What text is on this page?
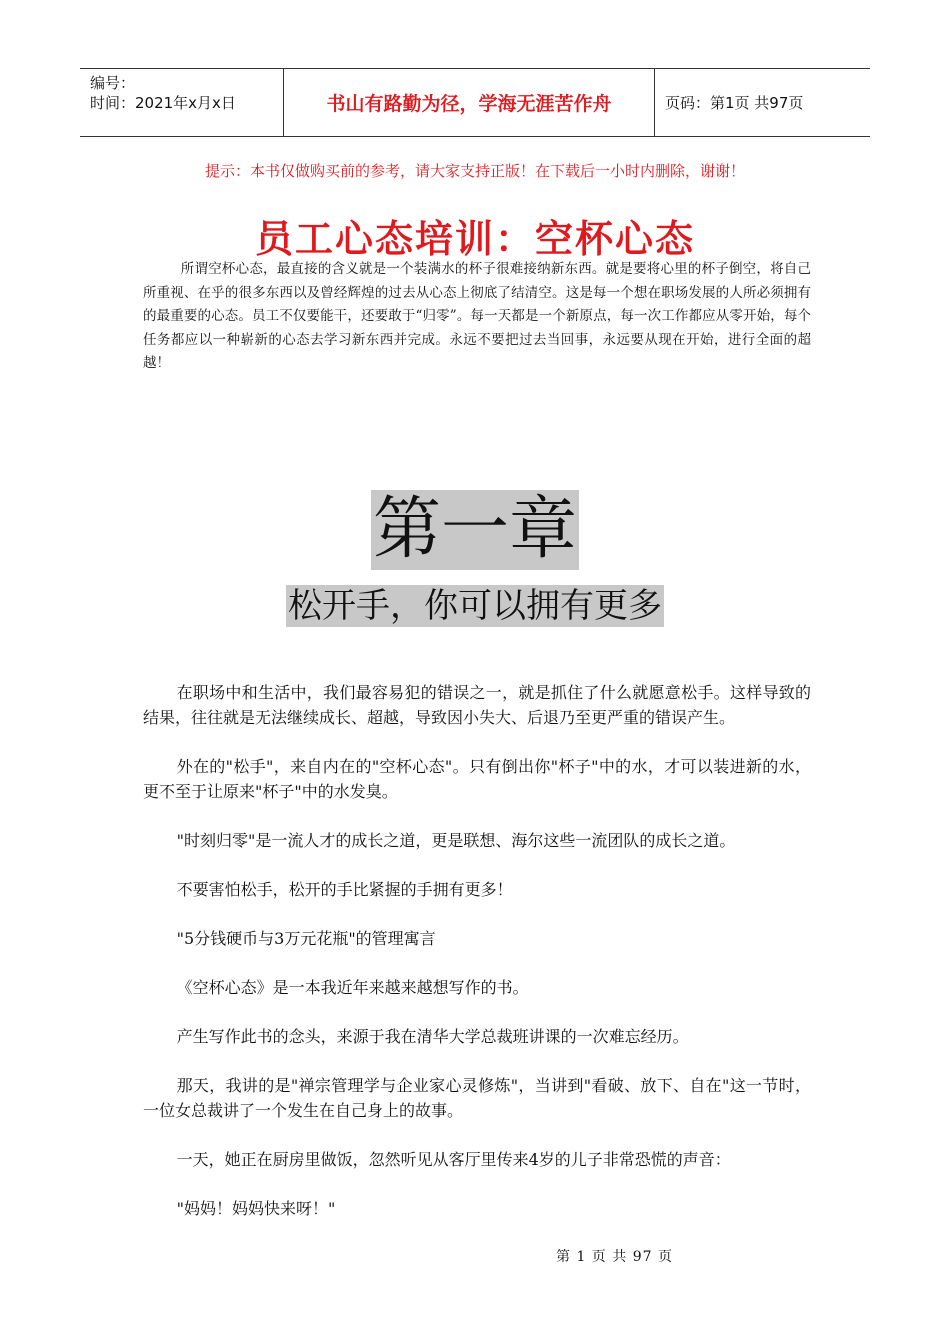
编号：
时间：2021年x月x日	书山有路勤为径，学海无涯苦作舟	页码：第1页 共97页
提示：本书仅做购买前的参考，请大家支持正版！在下载后一小时内删除，谢谢！
员工心态培训：空杯心态
所谓空杯心态，最直接的含义就是一个装满水的杯子很难接纳新东西。就是要将心里的杯子倒空，将自己所重视、在乎的很多东西以及曾经辉煌的过去从心态上彻底了结清空。这是每一个想在职场发展的人所必须拥有的最重要的心态。员工不仅要能干，还要敢于“归零”。每一天都是一个新原点，每一次工作都应从零开始，每个任务都应以一种崭新的心态去学习新东西并完成。永远不要把过去当回事，永远要从现在开始，进行全面的超越！
第一章
松开手，你可以拥有更多

在职场中和生活中，我们最容易犯的错误之一，就是抓住了什么就愿意松手。这样导致的结果，往往就是无法继续成长、超越，导致因小失大、后退乃至更严重的错误产生。

外在的"松手"，来自内在的"空杯心态"。只有倒出你"杯子"中的水，才可以装进新的水，更不至于让原来"杯子"中的水发臭。

"时刻归零"是一流人才的成长之道，更是联想、海尔这些一流团队的成长之道。

不要害怕松手，松开的手比紧握的手拥有更多！

"5分钱硬币与3万元花瓶"的管理寓言

《空杯心态》是一本我近年来越来越想写作的书。

产生写作此书的念头，来源于我在清华大学总裁班讲课的一次难忘经历。

那天，我讲的是"禅宗管理学与企业家心灵修炼"，当讲到"看破、放下、自在"这一节时，一位女总裁讲了一个发生在自己身上的故事。

一天，她正在厨房里做饭，忽然听见从客厅里传来4岁的儿子非常恐慌的声音：

"妈妈！妈妈快来呀！"

第 1 页 共 97 页
